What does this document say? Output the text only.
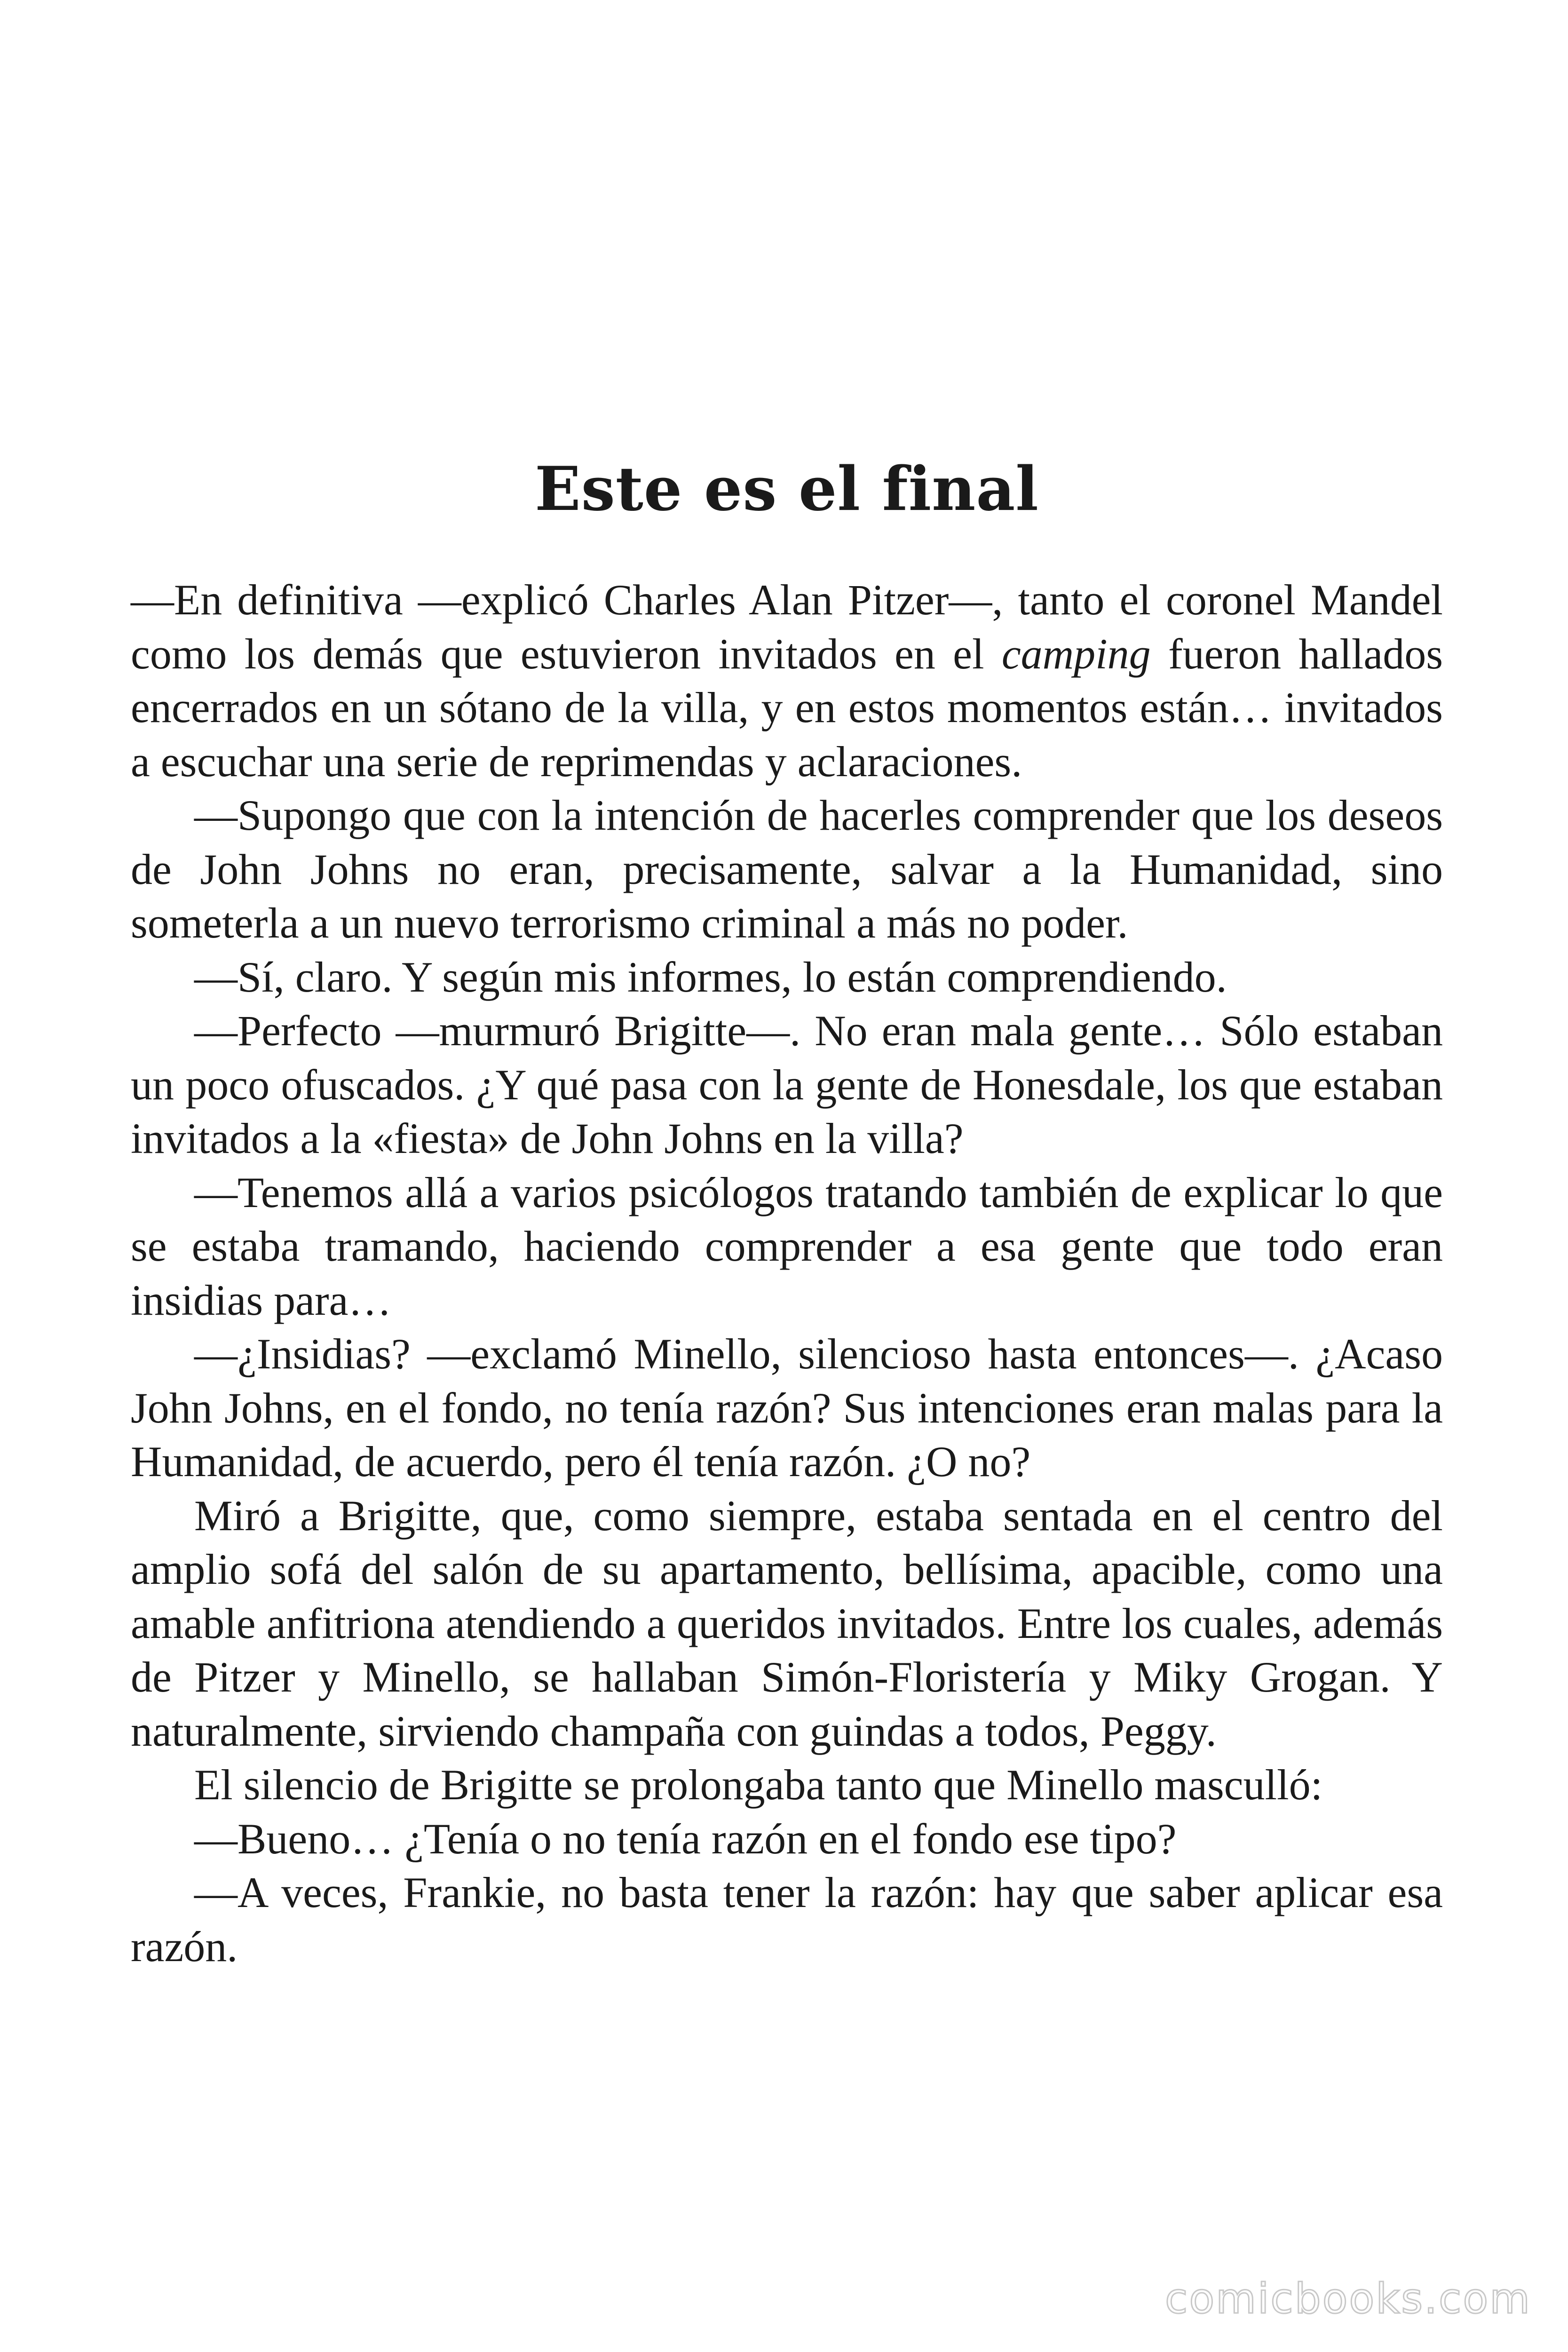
Este es el final

—En definitiva —explicó Charles Alan Pitzer—, tanto el coronel Mandel como los demás que estuvieron invitados en el camping fueron hallados encerrados en un sótano de la villa, y en estos momentos están… invitados a escuchar una serie de reprimendas y aclaraciones.

—Supongo que con la intención de hacerles comprender que los deseos de John Johns no eran, precisamente, salvar a la Humanidad, sino someterla a un nuevo terrorismo criminal a más no poder.

—Sí, claro. Y según mis informes, lo están comprendiendo.

—Perfecto —murmuró Brigitte—. No eran mala gente… Sólo estaban un poco ofuscados. ¿Y qué pasa con la gente de Honesdale, los que estaban invitados a la «fiesta» de John Johns en la villa?

—Tenemos allá a varios psicólogos tratando también de explicar lo que se estaba tramando, haciendo comprender a esa gente que todo eran insidias para…

—¿Insidias? —exclamó Minello, silencioso hasta entonces—. ¿Acaso John Johns, en el fondo, no tenía razón? Sus intenciones eran malas para la Humanidad, de acuerdo, pero él tenía razón. ¿O no?

Miró a Brigitte, que, como siempre, estaba sentada en el centro del amplio sofá del salón de su apartamento, bellísima, apacible, como una amable anfitriona atendiendo a queridos invitados. Entre los cuales, además de Pitzer y Minello, se hallaban Simón-Floristería y Miky Grogan. Y naturalmente, sirviendo champaña con guindas a todos, Peggy.

El silencio de Brigitte se prolongaba tanto que Minello masculló:

—Bueno… ¿Tenía o no tenía razón en el fondo ese tipo?

—A veces, Frankie, no basta tener la razón: hay que saber aplicar esa razón.

comicbooks.com
